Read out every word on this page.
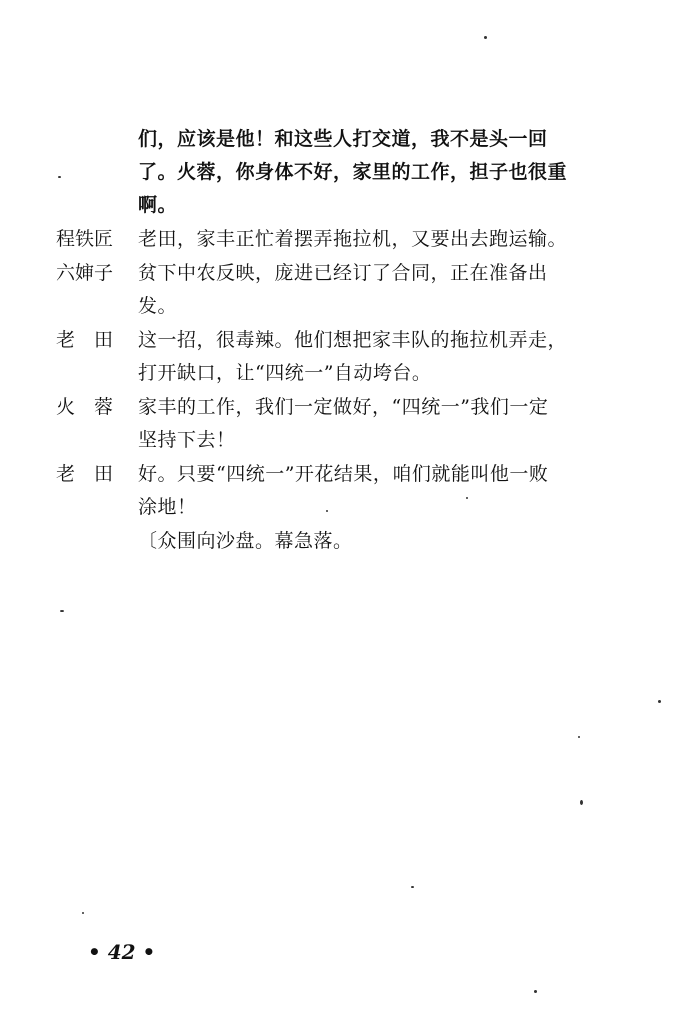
们，应该是他！和这些人打交道，我不是头一回
了。火蓉，你身体不好，家里的工作，担子也很重
啊。
程铁匠 老田，家丰正忙着摆弄拖拉机，又要出去跑运输。
六婶子 贫下中农反映，庞进已经订了合同，正在准备出
发。
老　田 这一招，很毒辣。他们想把家丰队的拖拉机弄走，
打开缺口，让“四统一”自动垮台。
火　蓉 家丰的工作，我们一定做好，“四统一”我们一定
坚持下去！
老　田 好。只要“四统一”开花结果，咱们就能叫他一败
涂地！
〔众围向沙盘。幕急落。
• 42 •
